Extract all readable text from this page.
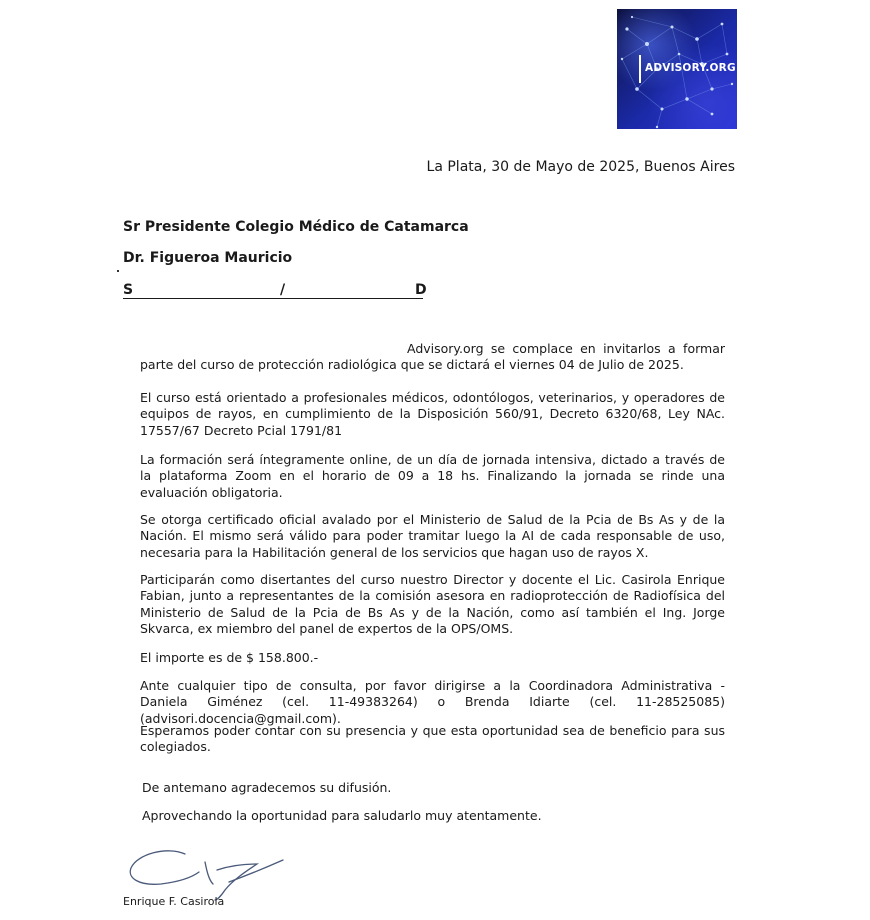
ADVISORY.ORG
La Plata, 30 de Mayo de 2025, Buenos Aires
Sr Presidente Colegio Médico de Catamarca
Dr. Figueroa Mauricio
S	/	D

Advisory.org se complace en invitarlos a formar parte del curso de protección radiológica que se dictará el viernes 04 de Julio de 2025.

El curso está orientado a profesionales médicos, odontólogos, veterinarios, y operadores de equipos de rayos, en cumplimiento de la Disposición 560/91, Decreto 6320/68, Ley NAc. 17557/67 Decreto Pcial 1791/81

La formación será íntegramente online, de un día de jornada intensiva, dictado a través de la plataforma Zoom en el horario de 09 a 18 hs. Finalizando la jornada se rinde una evaluación obligatoria.

Se otorga certificado oficial avalado por el Ministerio de Salud de la Pcia de Bs As y de la Nación. El mismo será válido para poder tramitar luego la AI de cada responsable de uso, necesaria para la Habilitación general de los servicios que hagan uso de rayos X.

Participarán como disertantes del curso nuestro Director y docente el Lic. Casirola Enrique Fabian, junto a representantes de la comisión asesora en radioprotección de Radiofísica del Ministerio de Salud de la Pcia de Bs As y de la Nación, como así también el Ing. Jorge Skvarca, ex miembro del panel de expertos de la OPS/OMS.

El importe es de $ 158.800.-

Ante cualquier tipo de consulta, por favor dirigirse a la Coordinadora Administrativa - Daniela Giménez (cel. 11-49383264) o Brenda Idiarte (cel. 11-28525085) (advisori.docencia@gmail.com).

Esperamos poder contar con su presencia y que esta oportunidad sea de beneficio para sus colegiados.

De antemano agradecemos su difusión.
Aprovechando la oportunidad para saludarlo muy atentamente.
Enrique F. Casirola
